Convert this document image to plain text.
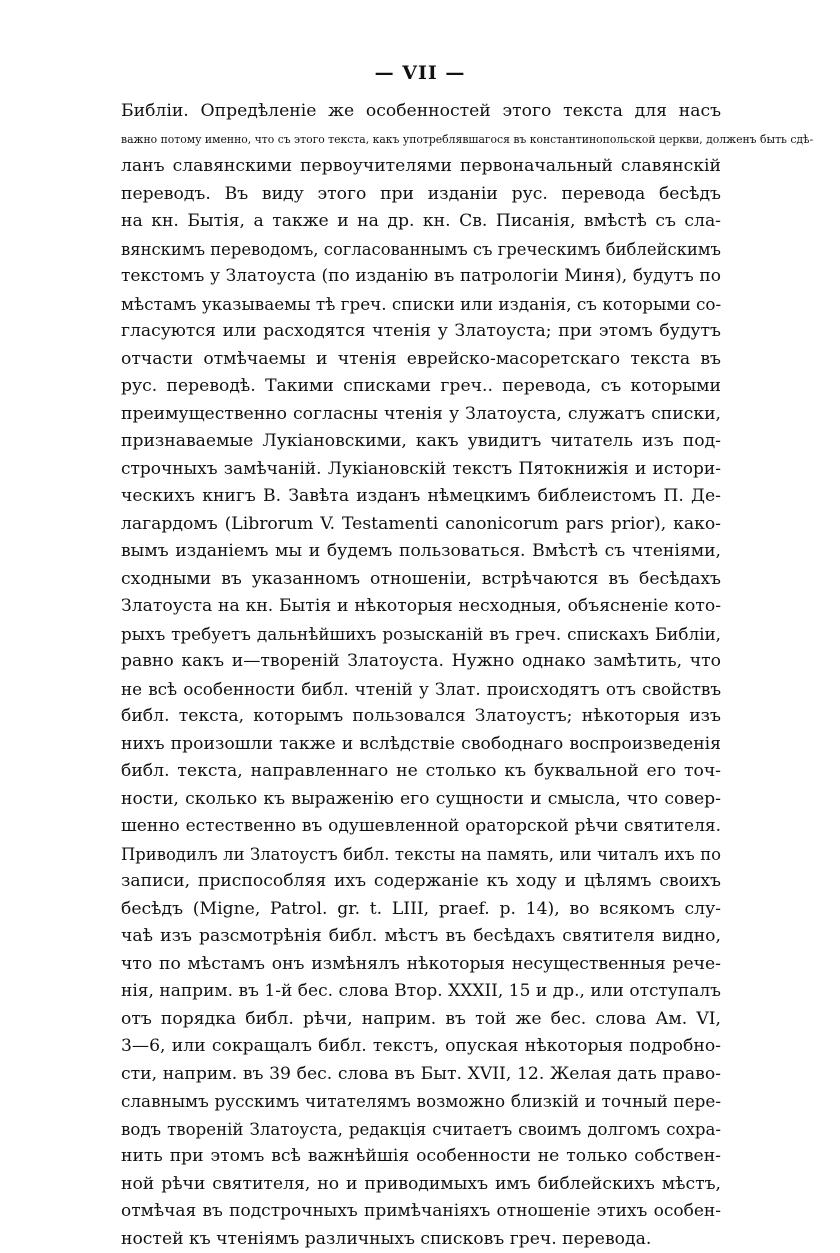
— VII —
Библіи. Опредѣленіе же особенностей этого текста для насъ
важно потому именно, что съ этого текста, какъ употреблявшагося въ константинопольской церкви, долженъ быть сдѣ-
ланъ славянскими первоучителями первоначальный славянскій
переводъ. Въ виду этого при изданіи рус. перевода бесѣдъ
на кн. Бытія, а также и на др. кн. Св. Писанія, вмѣстѣ съ сла-
вянскимъ переводомъ, согласованнымъ съ греческимъ библейскимъ
текстомъ у Златоуста (по изданію въ патрологіи Миня), будутъ по
мѣстамъ указываемы тѣ греч. списки или изданія, съ которыми со-
гласуются или расходятся чтенія у Златоуста; при этомъ будутъ
отчасти отмѣчаемы и чтенія еврейско-масоретскаго текста въ
рус. переводѣ. Такими списками греч.. перевода, съ которыми
преимущественно согласны чтенія у Златоуста, служатъ списки,
признаваемые Лукіановскими, какъ увидитъ читатель изъ под-
строчныхъ замѣчаній. Лукіановскій текстъ Пятокнижія и истори-
ческихъ книгъ В. Завѣта изданъ нѣмецкимъ библеистомъ П. Де-
лагардомъ (Librorum V. Testamenti canonicorum pars prior), како-
вымъ изданіемъ мы и будемъ пользоваться. Вмѣстѣ съ чтеніями,
сходными въ указанномъ отношеніи, встрѣчаются въ бесѣдахъ
Златоуста на кн. Бытія и нѣкоторыя несходныя, объясненіе кото-
рыхъ требуетъ дальнѣйшихъ розысканій въ греч. спискахъ Библіи,
равно какъ и—твореній Златоуста. Нужно однако замѣтить, что
не всѣ особенности библ. чтеній у Злат. происходятъ отъ свойствъ
библ. текста, которымъ пользовался Златоустъ; нѣкоторыя изъ
нихъ произошли также и вслѣдствіе свободнаго воспроизведенія
библ. текста, направленнаго не столько къ буквальной его точ-
ности, сколько къ выраженію его сущности и смысла, что совер-
шенно естественно въ одушевленной ораторской рѣчи святителя.
Приводилъ ли Златоустъ библ. тексты на память, или читалъ ихъ по
записи, приспособляя ихъ содержаніе къ ходу и цѣлямъ своихъ
бесѣдъ (Migne, Patrol. gr. t. LIII, praef. p. 14), во всякомъ слу-
чаѣ изъ разсмотрѣнія библ. мѣстъ въ бесѣдахъ святителя видно,
что по мѣстамъ онъ измѣнялъ нѣкоторыя несущественныя рече-
нія, наприм. въ 1-й бес. слова Втор. XXXII, 15 и др., или отступалъ
отъ порядка библ. рѣчи, наприм. въ той же бес. слова Ам. VI,
3—6, или сокращалъ библ. текстъ, опуская нѣкоторыя подробно-
сти, наприм. въ 39 бес. слова въ Быт. XVII, 12. Желая дать право-
славнымъ русскимъ читателямъ возможно близкій и точный пере-
водъ твореній Златоуста, редакція считаетъ своимъ долгомъ сохра-
нить при этомъ всѣ важнѣйшія особенности не только собствен-
ной рѣчи святителя, но и приводимыхъ имъ библейскихъ мѣстъ,
отмѣчая въ подстрочныхъ примѣчаніяхъ отношеніе этихъ особен-
ностей къ чтеніямъ различныхъ списковъ греч. перевода.
